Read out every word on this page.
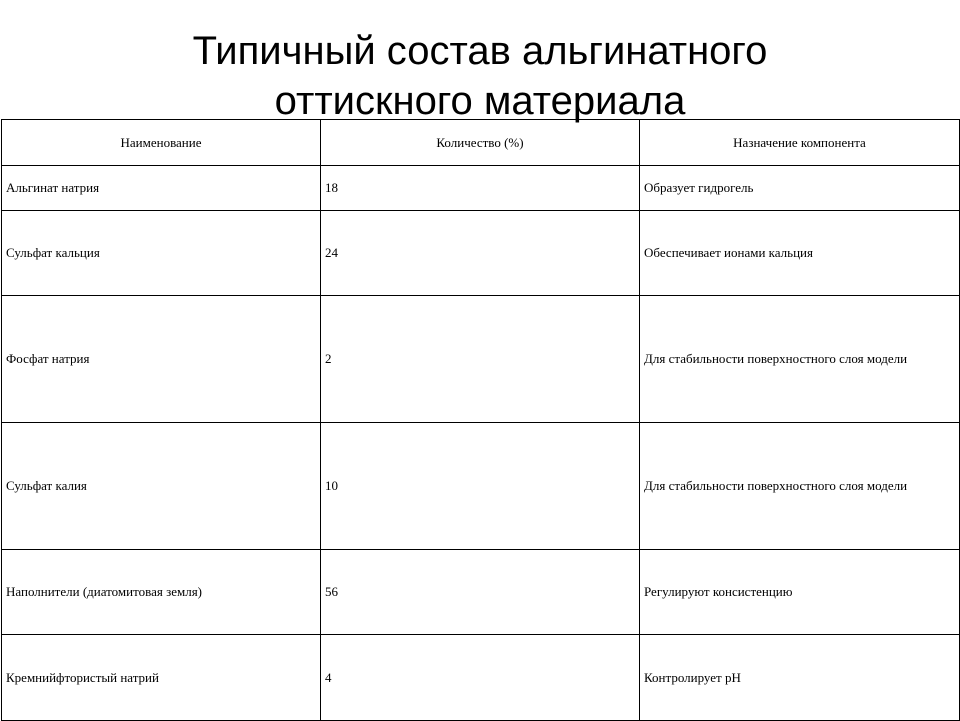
Типичный состав альгинатного
оттискного материала
Наименование	Количество (%)	Назначение компонента
Альгинат натрия	18	Образует гидрогель
Сульфат кальция	24	Обеспечивает ионами кальция
Фосфат натрия	2	Для стабильности поверхностного слоя модели
Сульфат калия	10	Для стабильности поверхностного слоя модели
Наполнители (диатомитовая земля)	56	Регулируют консистенцию
Кремнийфтористый натрий	4	Контролирует pH
